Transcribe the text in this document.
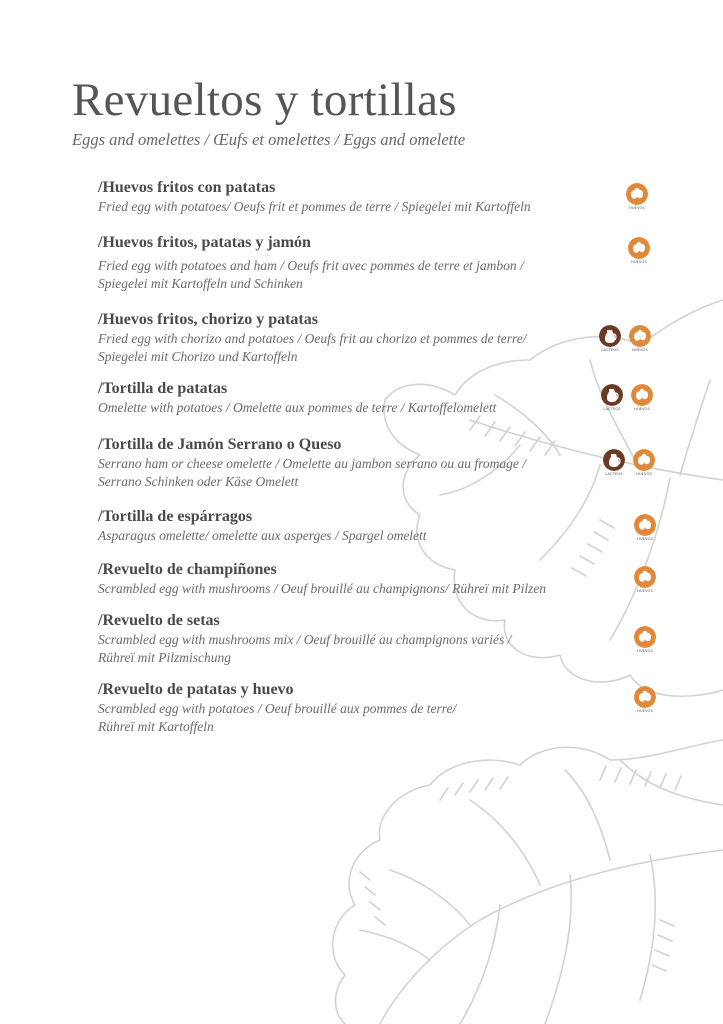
Revueltos y tortillas
Eggs and omelettes / Œufs et omelettes / Eggs and omelette
/Huevos fritos con patatas
Fried egg with potatoes/ Oeufs frit et pommes de terre / Spiegelei mit Kartoffeln	HUEVOS
/Huevos fritos, patatas y jamón
Fried egg with potatoes and ham / Oeufs frit avec pommes de terre et jambon /
Spiegelei mit Kartoffeln und Schinken
HUEVOS
/Huevos fritos, chorizo y patatas
Fried egg with chorizo and potatoes / Oeufs frit au chorizo et pommes de terre/
Spiegelei mit Chorizo und Kartoffeln	LACTEOS	HUEVOS
/Tortilla de patatas
Omelette with potatoes / Omelette aux pommes de terre / Kartoffelomelett	LACTEOS	HUEVOS
/Tortilla de Jamón Serrano o Queso
Serrano ham or cheese omelette / Omelette au jambon serrano ou au fromage /
Serrano Schinken oder Käse Omelett	LACTEOS	HUEVOS
/Tortilla de espárragos
Asparagus omelette/ omelette aux asperges / Spargel omelett	HUEVOS
/Revuelto de champiñones
Scrambled egg with mushrooms / Oeuf brouillé au champignons/ Rühreï mit Pilzen	HUEVOS
/Revuelto de setas
Scrambled egg with mushrooms mix / Oeuf brouillé au champignons variés /
Rühreï mit Pilzmischung	HUEVOS
/Revuelto de patatas y huevo
Scrambled egg with potatoes / Oeuf brouillé aux pommes de terre/
Rühreï mit Kartoffeln
HUEVOS
